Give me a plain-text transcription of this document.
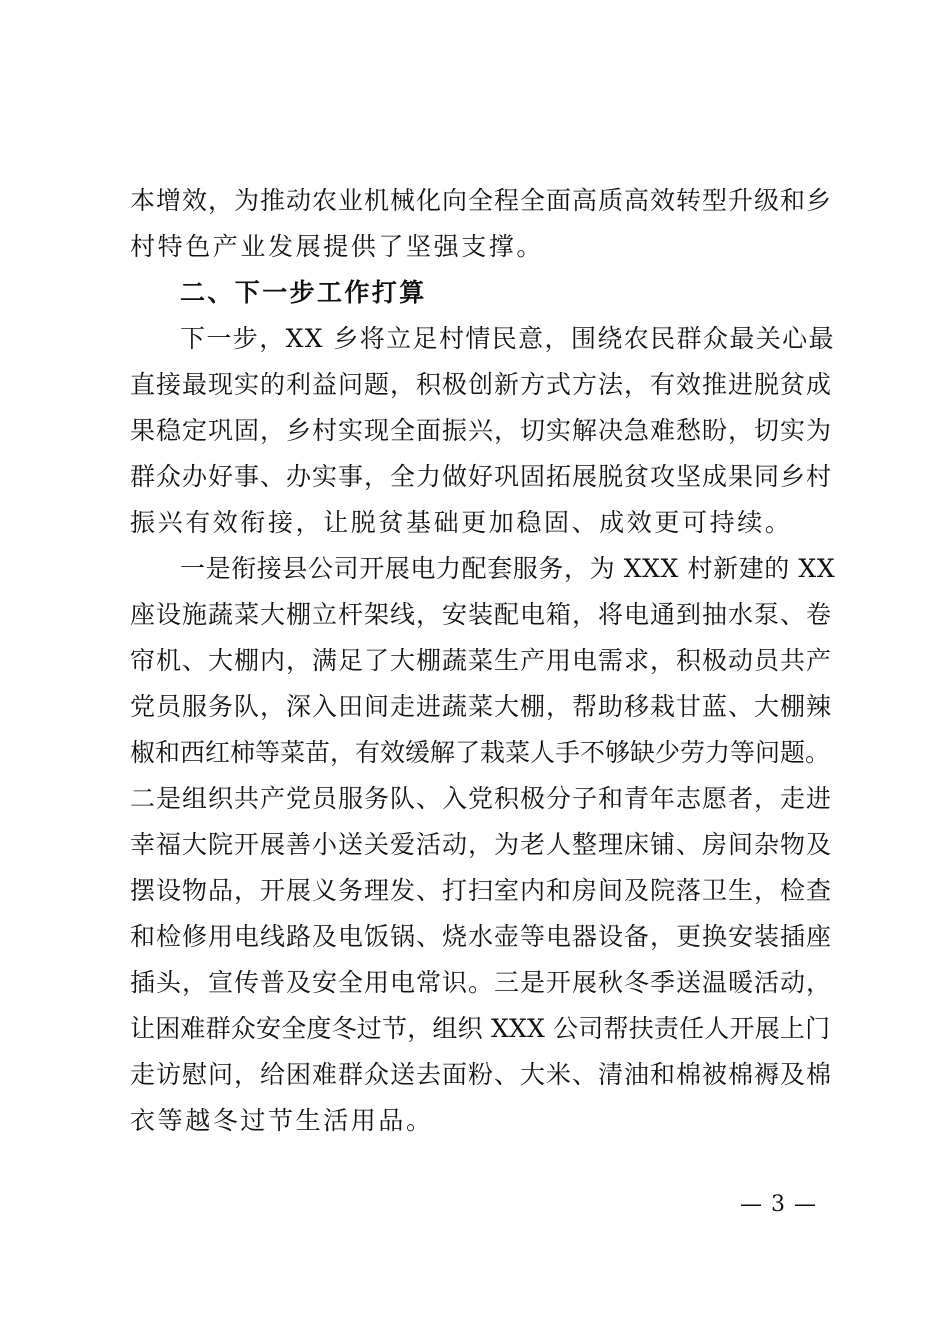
本增效，为推动农业机械化向全程全面高质高效转型升级和乡
村特色产业发展提供了坚强支撑。
二、下一步工作打算
下一步，XX 乡将立足村情民意，围绕农民群众最关心最
直接最现实的利益问题，积极创新方式方法，有效推进脱贫成
果稳定巩固，乡村实现全面振兴，切实解决急难愁盼，切实为
群众办好事、办实事，全力做好巩固拓展脱贫攻坚成果同乡村
振兴有效衔接，让脱贫基础更加稳固、成效更可持续。
一是衔接县公司开展电力配套服务，为 XXX 村新建的 XX
座设施蔬菜大棚立杆架线，安装配电箱，将电通到抽水泵、卷
帘机、大棚内，满足了大棚蔬菜生产用电需求，积极动员共产
党员服务队，深入田间走进蔬菜大棚，帮助移栽甘蓝、大棚辣
椒和西红柿等菜苗，有效缓解了栽菜人手不够缺少劳力等问题。
二是组织共产党员服务队、入党积极分子和青年志愿者，走进
幸福大院开展善小送关爱活动，为老人整理床铺、房间杂物及
摆设物品，开展义务理发、打扫室内和房间及院落卫生，检查
和检修用电线路及电饭锅、烧水壶等电器设备，更换安装插座
插头，宣传普及安全用电常识。三是开展秋冬季送温暖活动，
让困难群众安全度冬过节，组织 XXX 公司帮扶责任人开展上门
走访慰问，给困难群众送去面粉、大米、清油和棉被棉褥及棉
衣等越冬过节生活用品。
— 3 —
